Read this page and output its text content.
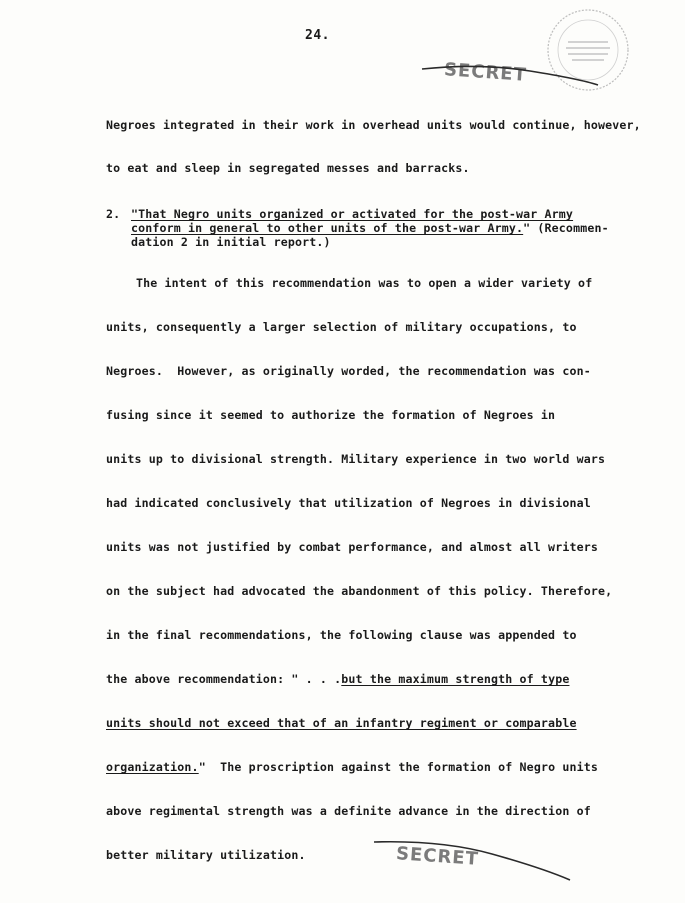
24.
SECRET
Negroes integrated in their work in overhead units would continue, however,
to eat and sleep in segregated messes and barracks.
2. "That Negro units organized or activated for the post-war Army
conform in general to other units of the post-war Army." (Recommen-
dation 2 in initial report.)
The intent of this recommendation was to open a wider variety of
units, consequently a larger selection of military occupations, to
Negroes.  However, as originally worded, the recommendation was con-
fusing since it seemed to authorize the formation of Negroes in
units up to divisional strength. Military experience in two world wars
had indicated conclusively that utilization of Negroes in divisional
units was not justified by combat performance, and almost all writers
on the subject had advocated the abandonment of this policy. Therefore,
in the final recommendations, the following clause was appended to
the above recommendation: " . . .but the maximum strength of type
units should not exceed that of an infantry regiment or comparable
organization."  The proscription against the formation of Negro units
above regimental strength was a definite advance in the direction of
better military utilization.	SECRET
